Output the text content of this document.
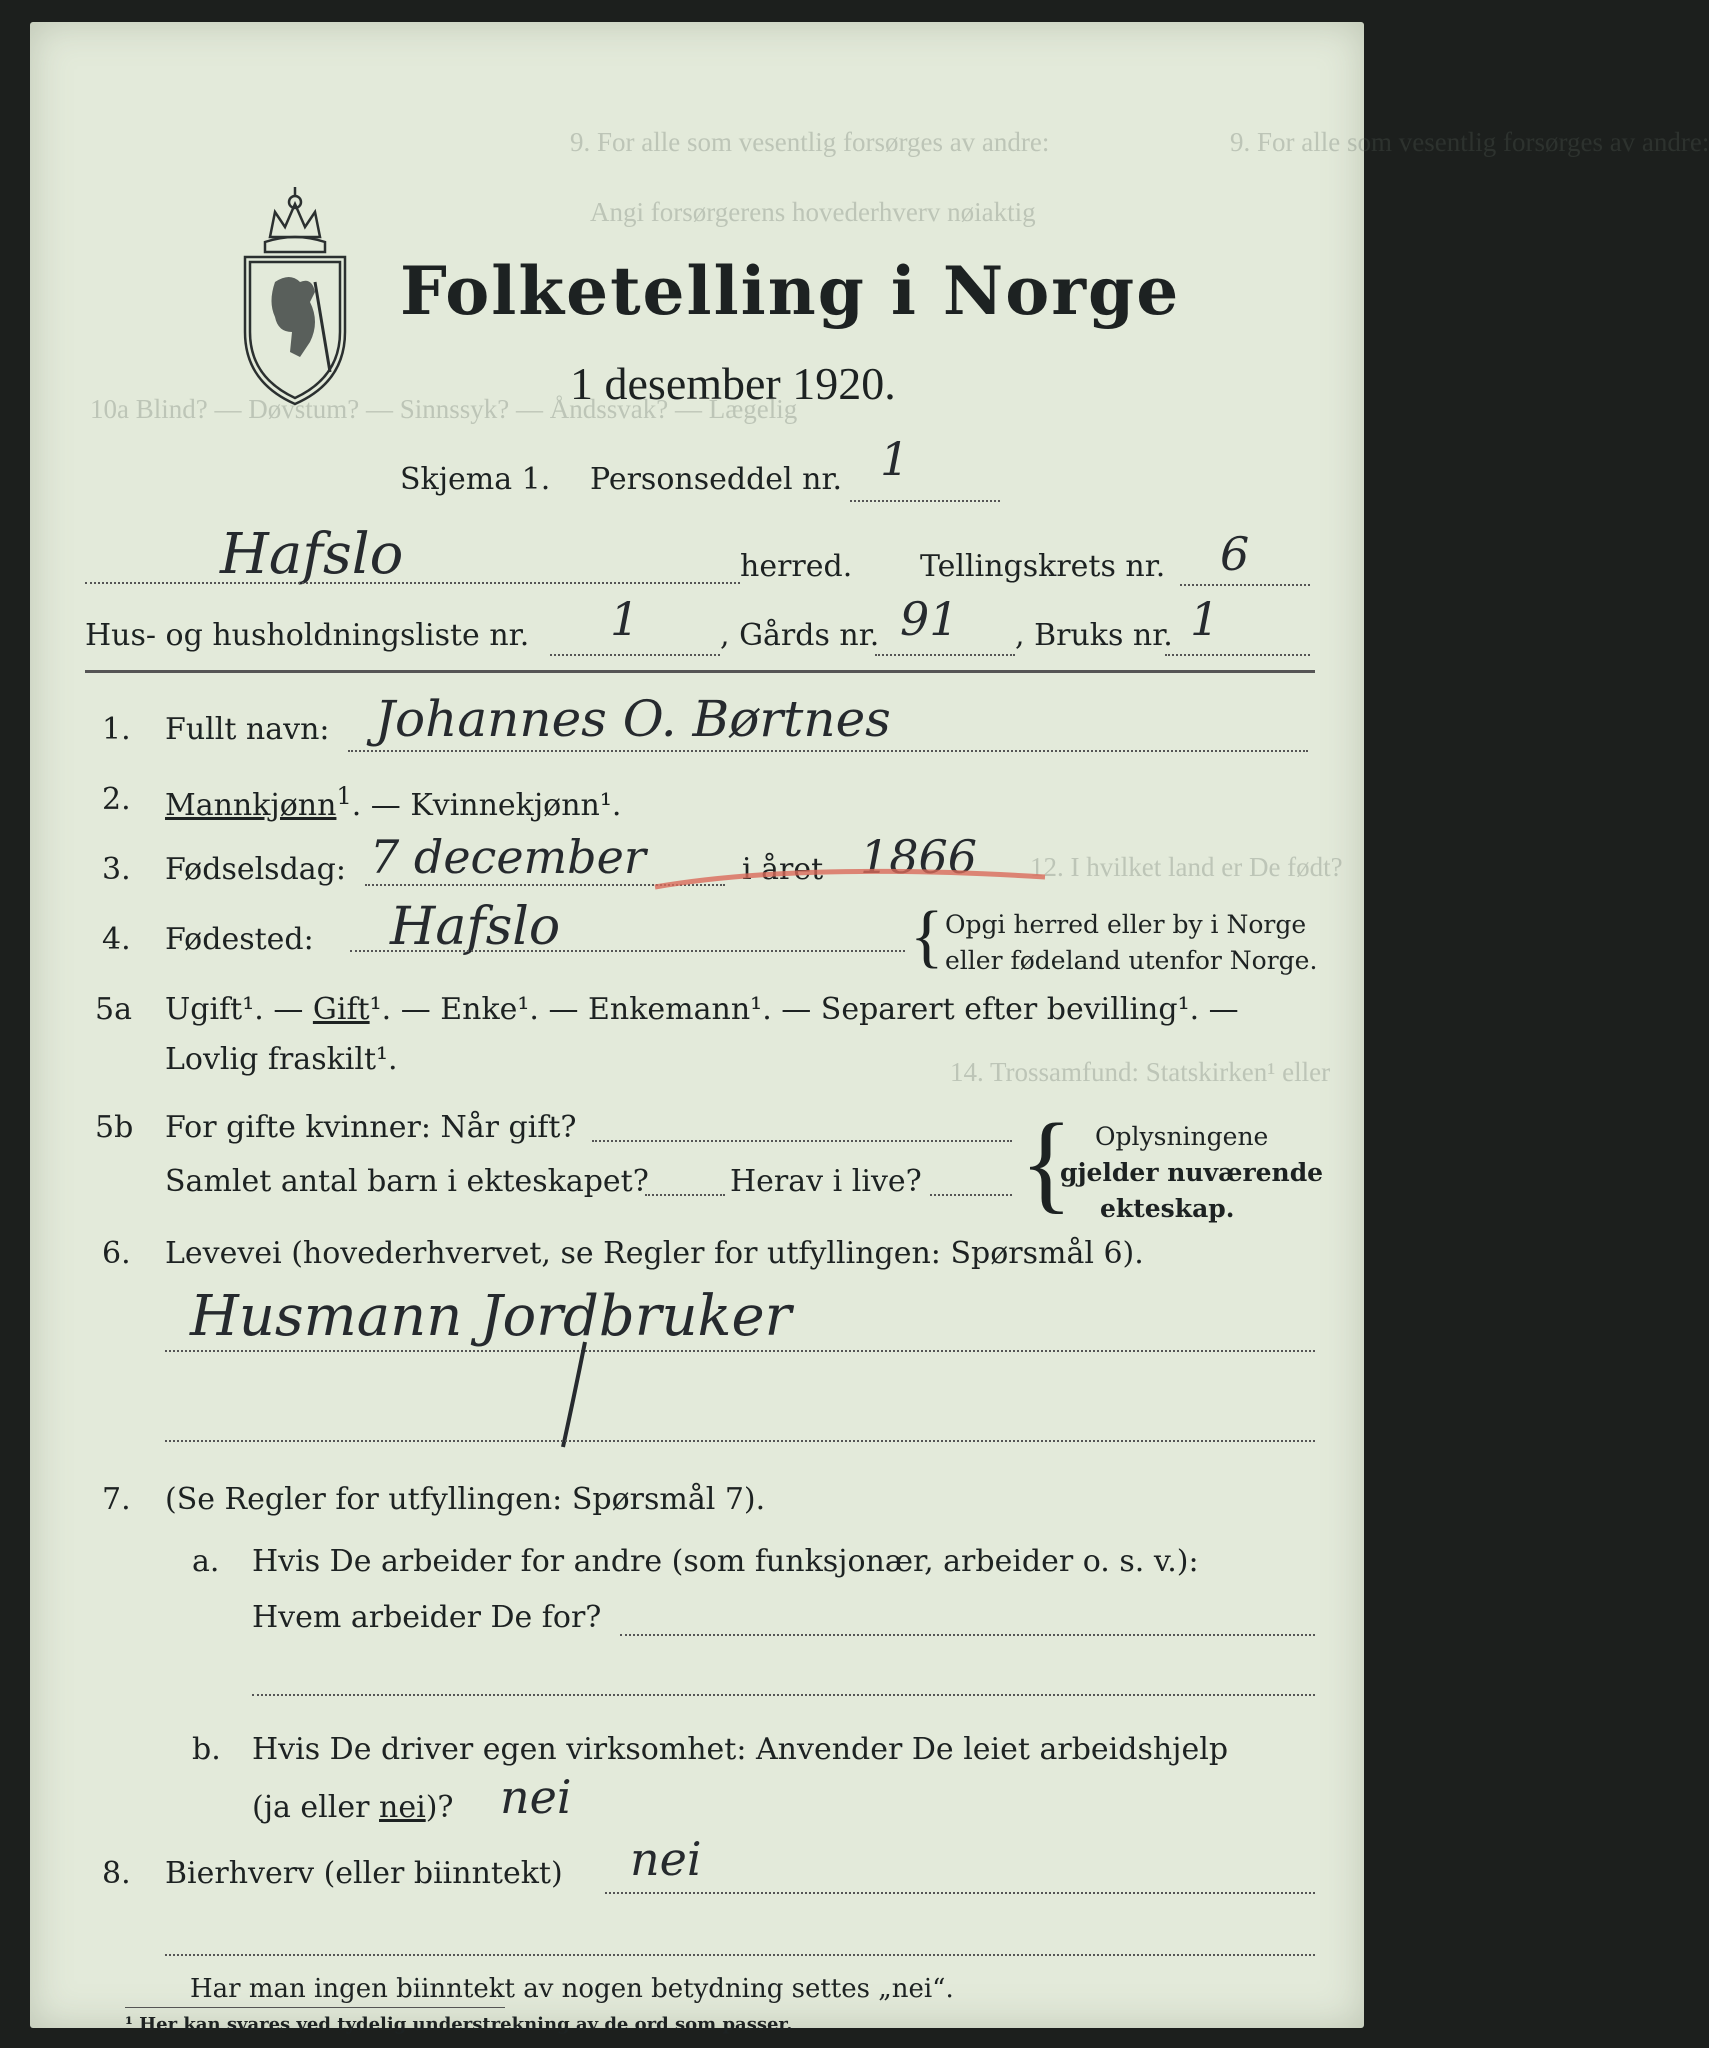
9. For alle som vesentlig forsørges av andre:
9. For alle som vesentlig forsørges av andre:
Angi forsørgerens hovederhverv nøiaktig
10a Blind? — Døvstum? — Sinnssyk? — Åndssvak? — Lægelig
12. I hvilket land er De født?
14. Trossamfund: Statskirken¹ eller
Folketelling i Norge
1 desember 1920.
Skjema 1. Personseddel nr. 1
Hafslo	herred. Tellingskrets nr. 6
Hus- og husholdningsliste nr. 1	, Gårds nr. 91 , Bruks nr. 1
1. Fullt navn: Johannes O. Børtnes
2. Mannkjønn$^1$. — Kvinnekjønn¹.
3. Fødselsdag: 7 december	i året 1866
4. Fødested: Hafslo	{ Opgi herred eller by i Norge
eller fødeland utenfor Norge.
5a Ugift¹. — Gift¹. — Enke¹. — Enkemann¹. — Separert efter bevilling¹. —
Lovlig fraskilt¹.
5b For gifte kvinner: Når gift?
Samlet antal barn i ekteskapet?	Herav i live? { Oplysningene
gjelder nuværende
ekteskap.
6. Levevei (hovederhvervet, se Regler for utfyllingen: Spørsmål 6).
Husmann Jordbruker
7. (Se Regler for utfyllingen: Spørsmål 7).
a. Hvis De arbeider for andre (som funksjonær, arbeider o. s. v.):
Hvem arbeider De for?
b. Hvis De driver egen virksomhet: Anvender De leiet arbeidshjelp
(ja eller nei)? nei
8. Bierhverv (eller biinntekt) nei
Har man ingen biinntekt av nogen betydning settes „nei“.
¹ Her kan svares ved tydelig understrekning av de ord som passer.
